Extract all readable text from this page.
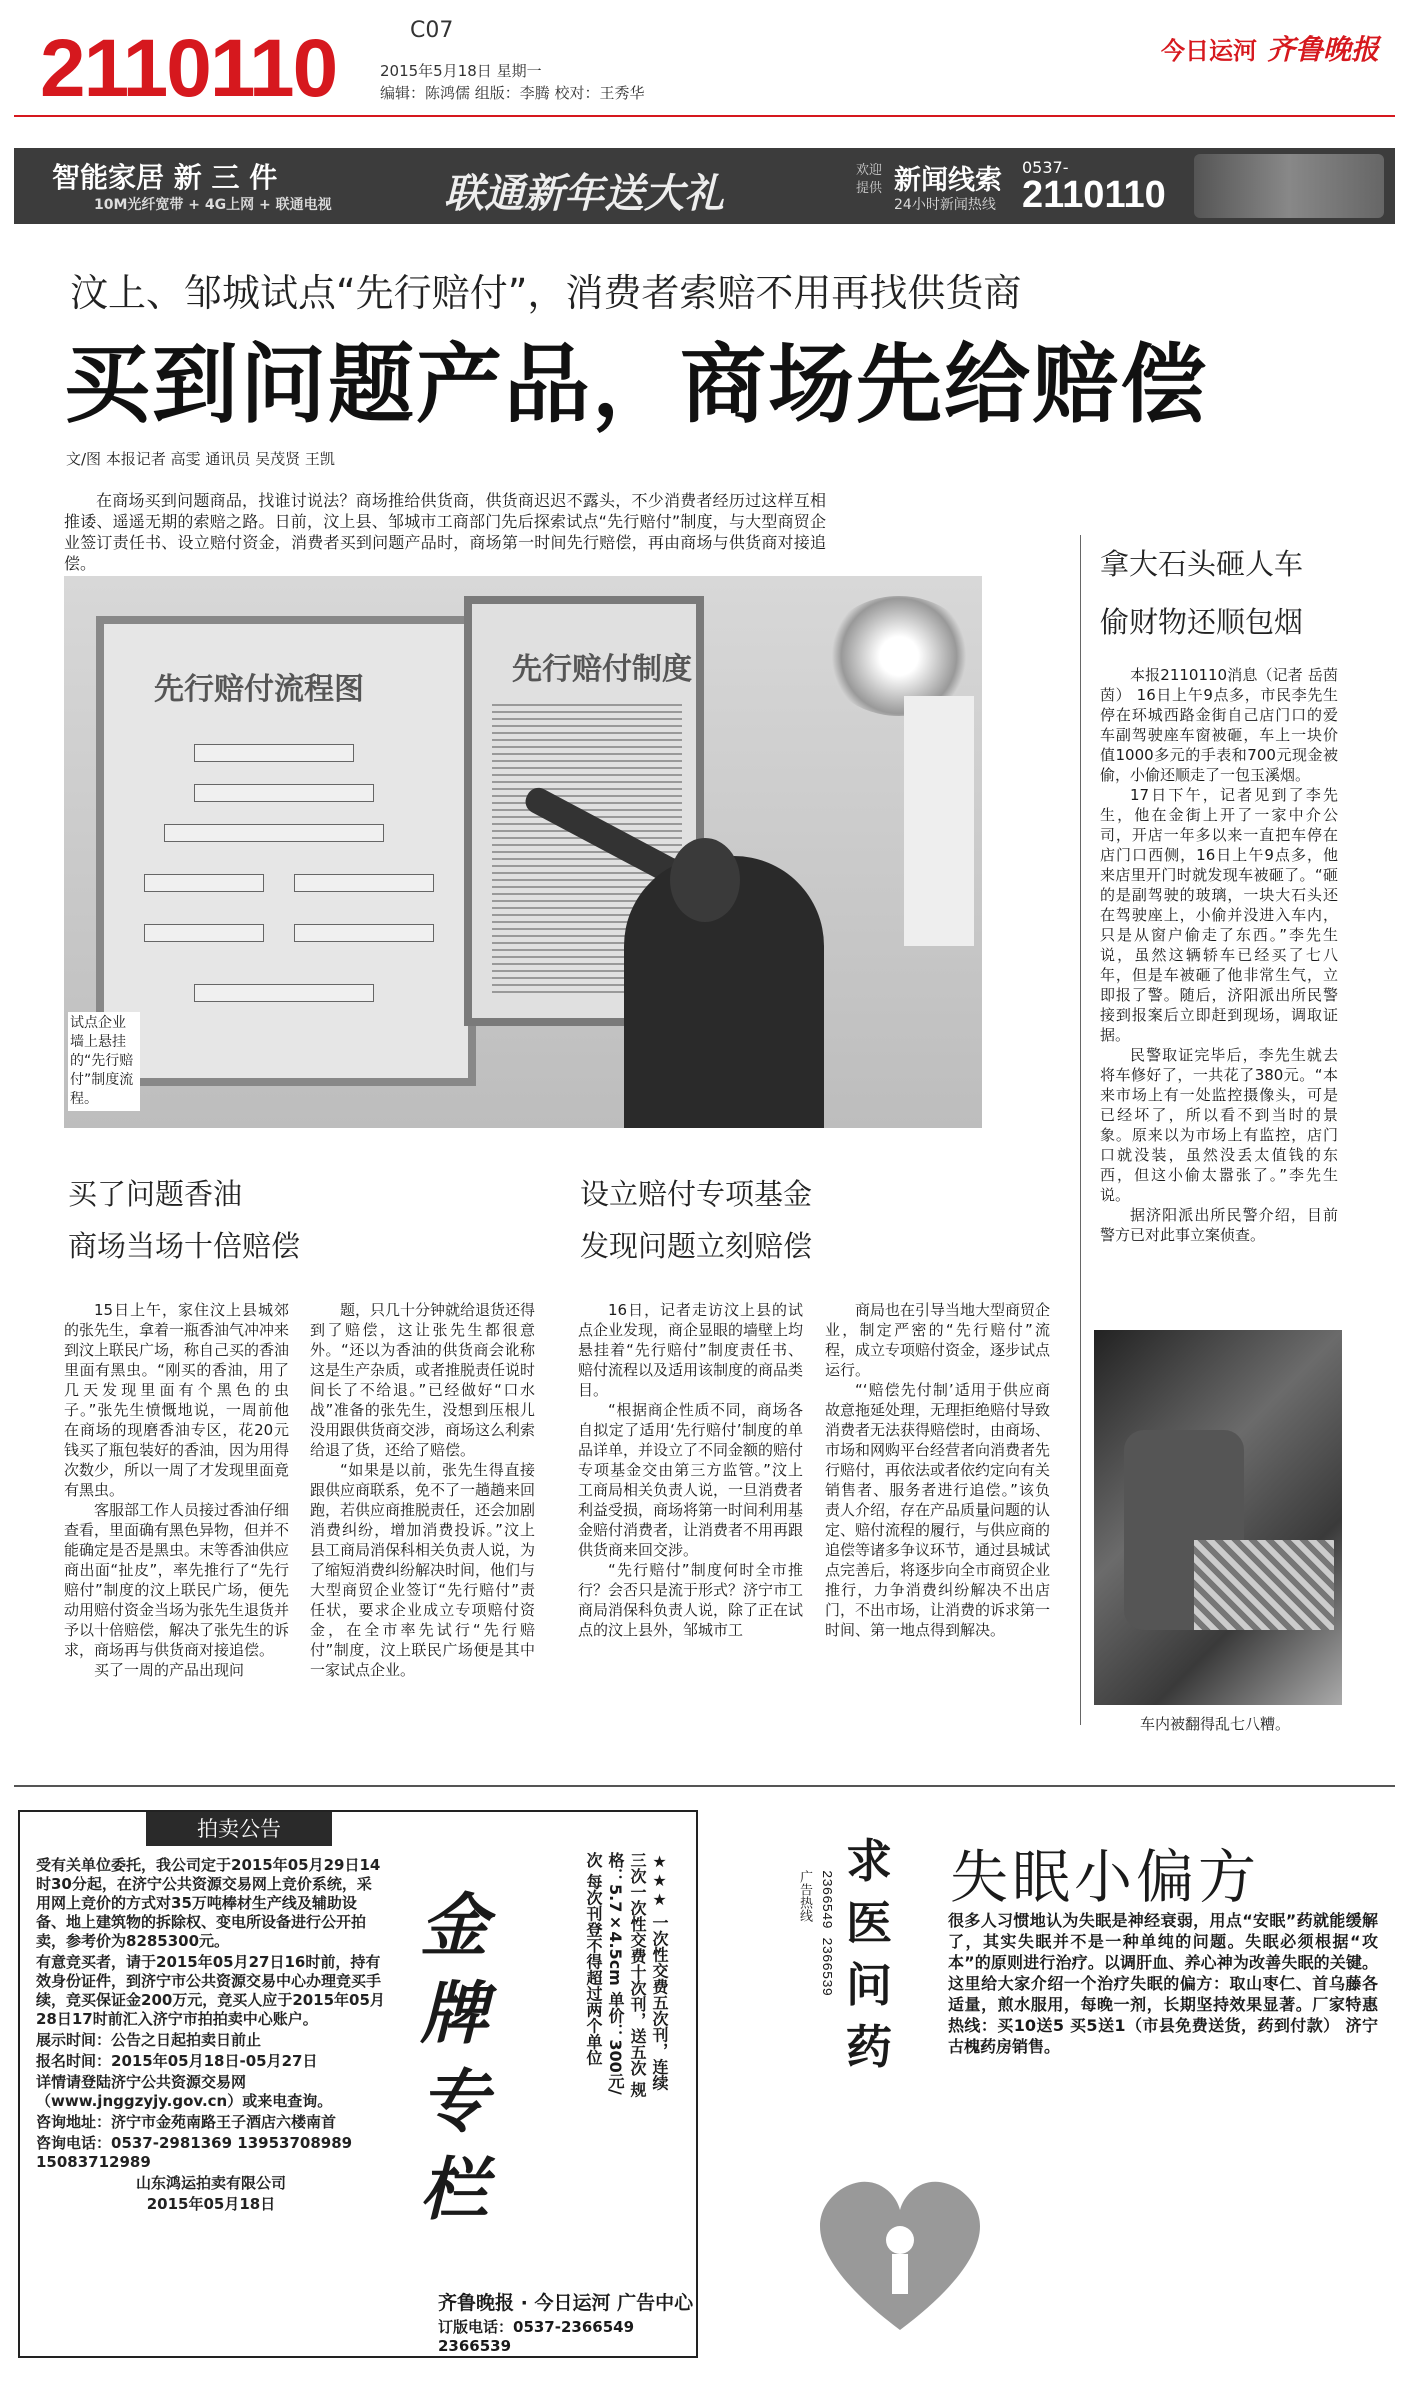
2110110	C07
2015年5月18日 星期一
编辑：陈鸿儒 组版：李腾 校对：王秀华
今日运河 齐鲁晚报
智能家居 新 三 件
10M光纤宽带 + 4G上网 + 联通电视	联通新年送大礼	欢迎提供 新闻线索
24小时新闻热线
0537-
2110110
汶上、邹城试点“先行赔付”，消费者索赔不用再找供货商
买到问题产品，商场先给赔偿
文/图 本报记者 高雯 通讯员 吴茂贤 王凯
在商场买到问题商品，找谁讨说法？商场推给供货商，供货商迟迟不露头，不少消费者经历过这样互相推诿、遥遥无期的索赔之路。日前，汶上县、邹城市工商部门先后探索试点“先行赔付”制度，与大型商贸企业签订责任书、设立赔付资金，消费者买到问题产品时，商场第一时间先行赔偿，再由商场与供货商对接追偿。
先行赔付流程图
先行赔付制度
试点企业墙上悬挂的“先行赔付”制度流程。
拿大石头砸人车
偷财物还顺包烟
本报2110110消息（记者 岳茵茵） 16日上午9点多，市民李先生停在环城西路金街自己店门口的爱车副驾驶座车窗被砸，车上一块价值1000多元的手表和700元现金被偷，小偷还顺走了一包玉溪烟。
17日下午，记者见到了李先生，他在金街上开了一家中介公司，开店一年多以来一直把车停在店门口西侧，16日上午9点多，他来店里开门时就发现车被砸了。“砸的是副驾驶的玻璃，一块大石头还在驾驶座上，小偷并没进入车内，只是从窗户偷走了东西。”李先生说，虽然这辆轿车已经买了七八年，但是车被砸了他非常生气，立即报了警。随后，济阳派出所民警接到报案后立即赶到现场，调取证据。
民警取证完毕后，李先生就去将车修好了，一共花了380元。“本来市场上有一处监控摄像头，可是已经坏了，所以看不到当时的景象。原来以为市场上有监控，店门口就没装，虽然没丢太值钱的东西，但这小偷太嚣张了。”李先生说。
据济阳派出所民警介绍，目前警方已对此事立案侦查。
车内被翻得乱七八糟。
买了问题香油
商场当场十倍赔偿
设立赔付专项基金
发现问题立刻赔偿

15日上午，家住汶上县城郊的张先生，拿着一瓶香油气冲冲来到汶上联民广场，称自己买的香油里面有黑虫。“刚买的香油，用了几天发现里面有个黑色的虫子。”张先生愤慨地说，一周前他在商场的现磨香油专区，花20元钱买了瓶包装好的香油，因为用得次数少，所以一周了才发现里面竟有黑虫。

客服部工作人员接过香油仔细查看，里面确有黑色异物，但并不能确定是否是黑虫。末等香油供应商出面“扯皮”，率先推行了“先行赔付”制度的汶上联民广场，便先动用赔付资金当场为张先生退货并予以十倍赔偿，解决了张先生的诉求，商场再与供货商对接追偿。

买了一周的产品出现问

题，只几十分钟就给退货还得到了赔偿，这让张先生都很意外。“还以为香油的供货商会讹称这是生产杂质，或者推脱责任说时间长了不给退。”已经做好“口水战”准备的张先生，没想到压根儿没用跟供货商交涉，商场这么利索给退了货，还给了赔偿。

“如果是以前，张先生得直接跟供应商联系，免不了一趟趟来回跑，若供应商推脱责任，还会加剧消费纠纷，增加消费投诉。”汶上县工商局消保科相关负责人说，为了缩短消费纠纷解决时间，他们与大型商贸企业签订“先行赔付”责任状，要求企业成立专项赔付资金，在全市率先试行“先行赔付”制度，汶上联民广场便是其中一家试点企业。

16日，记者走访汶上县的试点企业发现，商企显眼的墙壁上均悬挂着“先行赔付”制度责任书、赔付流程以及适用该制度的商品类目。

“根据商企性质不同，商场各自拟定了适用‘先行赔付’制度的单品详单，并设立了不同金额的赔付专项基金交由第三方监管。”汶上工商局相关负责人说，一旦消费者利益受损，商场将第一时间利用基金赔付消费者，让消费者不用再跟供货商来回交涉。

“先行赔付”制度何时全市推行？会否只是流于形式？济宁市工商局消保科负责人说，除了正在试点的汶上县外，邹城市工

商局也在引导当地大型商贸企业，制定严密的“先行赔付”流程，成立专项赔付资金，逐步试点运行。

“‘赔偿先付制’适用于供应商故意拖延处理，无理拒绝赔付导致消费者无法获得赔偿时，由商场、市场和网购平台经营者向消费者先行赔付，再依法或者依约定向有关销售者、服务者进行追偿。”该负责人介绍，存在产品质量问题的认定、赔付流程的履行，与供应商的追偿等诸多争议环节，通过县城试点完善后，将逐步向全市商贸企业推行，力争消费纠纷解决不出店门，不出市场，让消费的诉求第一时间、第一地点得到解决。

拍卖公告

受有关单位委托，我公司定于2015年05月29日14时30分起，在济宁公共资源交易网上竞价系统，采用网上竞价的方式对35万吨棒材生产线及辅助设备、地上建筑物的拆除权、变电所设备进行公开拍卖，参考价为8285300元。

有意竞买者，请于2015年05月27日16时前，持有效身份证件，到济宁市公共资源交易中心办理竞买手续，竞买保证金200万元，竞买人应于2015年05月28日17时前汇入济宁市拍拍卖中心账户。

展示时间：公告之日起拍卖日前止

报名时间：2015年05月18日-05月27日

详情请登陆济宁公共资源交易网（www.jnggzyjy.gov.cn）或来电查询。

咨询地址：济宁市金苑南路王子酒店六楼南首

咨询电话：0537-2981369 13953708989 15083712989

山东鸿运拍卖有限公司

2015年05月18日

金牌专栏
★★★ 一次性交费五次刊，连续三次一次性交费十次刊，送五次 规格：5.7×4.5cm 单价：300元/次 每次刊登不得超过两个单位
齐鲁晚报 · 今日运河 广告中心
订版电话：0537-2366549 2366539
广告热线 2366549 2366539
求医问药
失眠小偏方
很多人习惯地认为失眠是神经衰弱，用点“安眠”药就能缓解了，其实失眠并不是一种单纯的问题。失眠必须根据“攻本”的原则进行治疗。以调肝血、养心神为改善失眠的关键。这里给大家介绍一个治疗失眠的偏方：取山枣仁、首乌藤各适量，煎水服用，每晚一剂，长期坚持效果显著。厂家特惠热线：买10送5 买5送1（市县免费送货，药到付款） 济宁古槐药房销售。
